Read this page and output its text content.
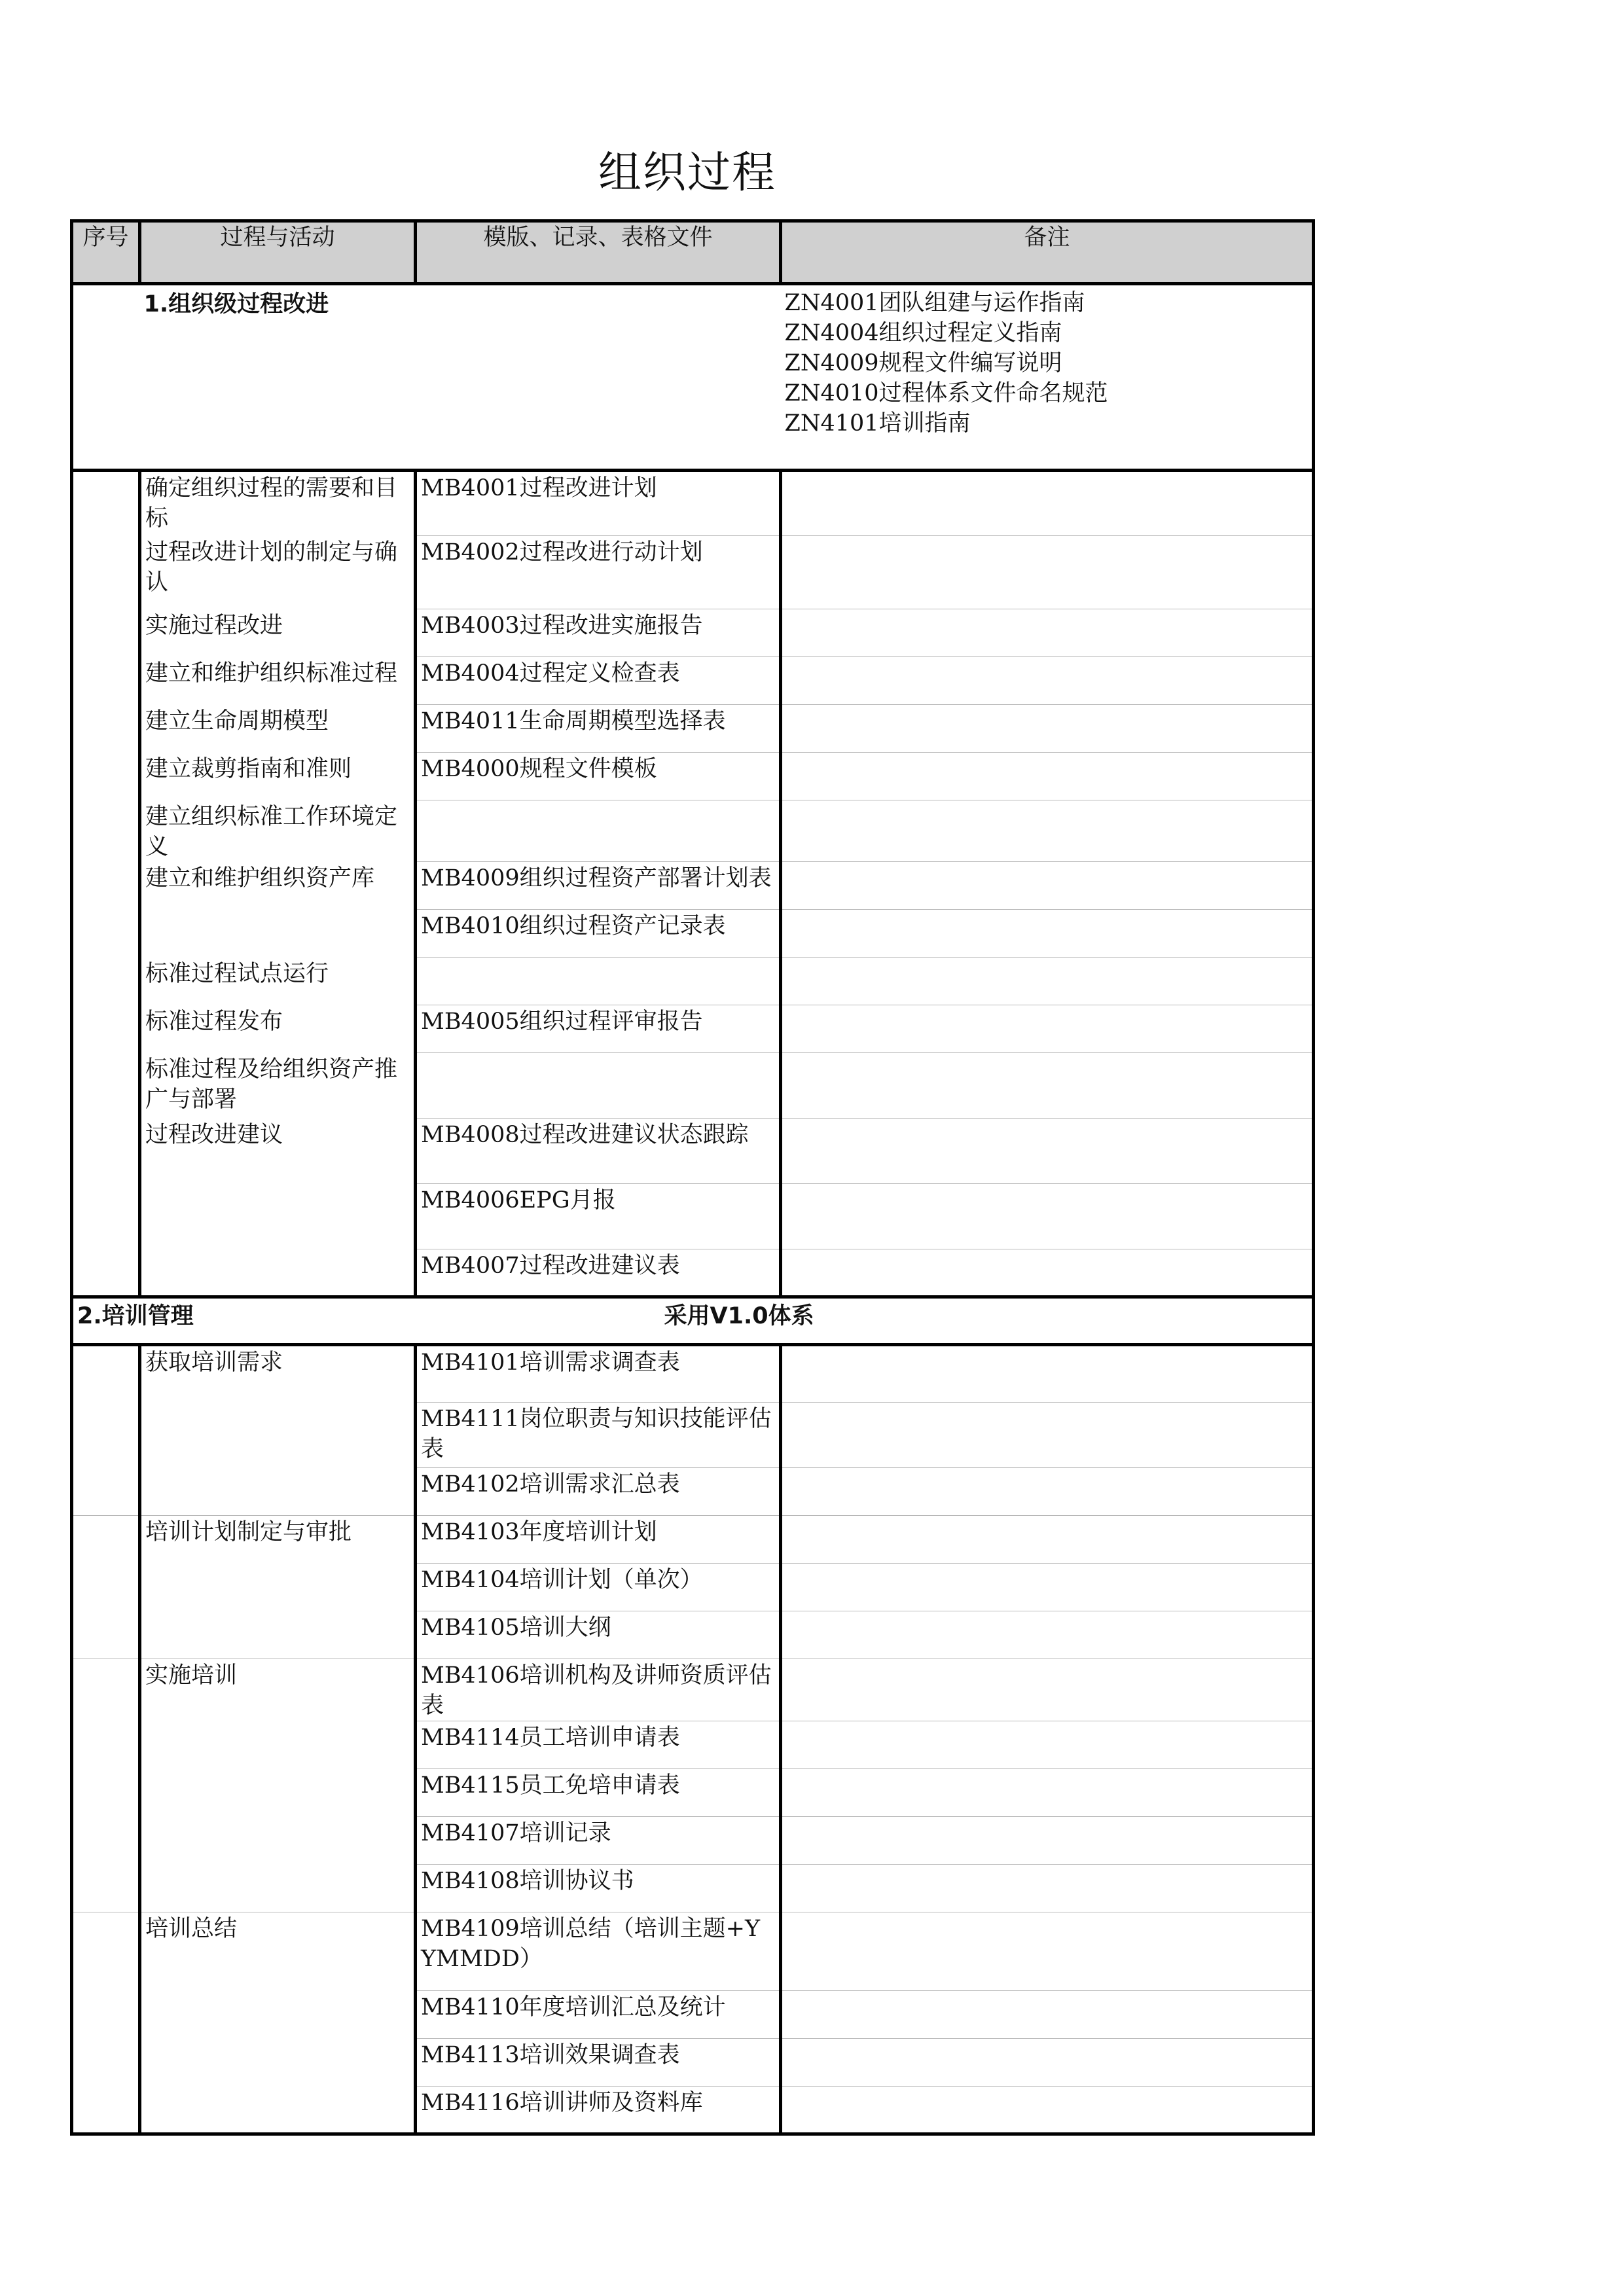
组织过程
序号	过程与活动	模版、记录、表格文件	备注
	1.组织级过程改进		ZN4001团队组建与运作指南
ZN4004组织过程定义指南
ZN4009规程文件编写说明
ZN4010过程体系文件命名规范
ZN4101培训指南

	确定组织过程的需要和目标	MB4001过程改进计划	
	过程改进计划的制定与确认	MB4002过程改进行动计划	
	实施过程改进	MB4003过程改进实施报告	
	建立和维护组织标准过程	MB4004过程定义检查表	
	建立生命周期模型	MB4011生命周期模型选择表	
	建立裁剪指南和准则	MB4000规程文件模板	
	建立组织标准工作环境定义		
	建立和维护组织资产库	MB4009组织过程资产部署计划表	
		MB4010组织过程资产记录表	
	标准过程试点运行		
	标准过程发布	MB4005组织过程评审报告	
	标准过程及给组织资产推广与部署		
	过程改进建议	MB4008过程改进建议状态跟踪	
		MB4006EPG月报	
		MB4007过程改进建议表	
2.培训管理		采用V1.0体系	
	获取培训需求	MB4101培训需求调查表	
		MB4111岗位职责与知识技能评估表	
		MB4102培训需求汇总表	
	培训计划制定与审批	MB4103年度培训计划	
		MB4104培训计划（单次）	
		MB4105培训大纲	
	实施培训	MB4106培训机构及讲师资质评估表	
		MB4114员工培训申请表	
		MB4115员工免培申请表	
		MB4107培训记录	
		MB4108培训协议书	
	培训总结	MB4109培训总结（培训主题+YYMMDD）	
		MB4110年度培训汇总及统计	
		MB4113培训效果调查表	
		MB4116培训讲师及资料库	
